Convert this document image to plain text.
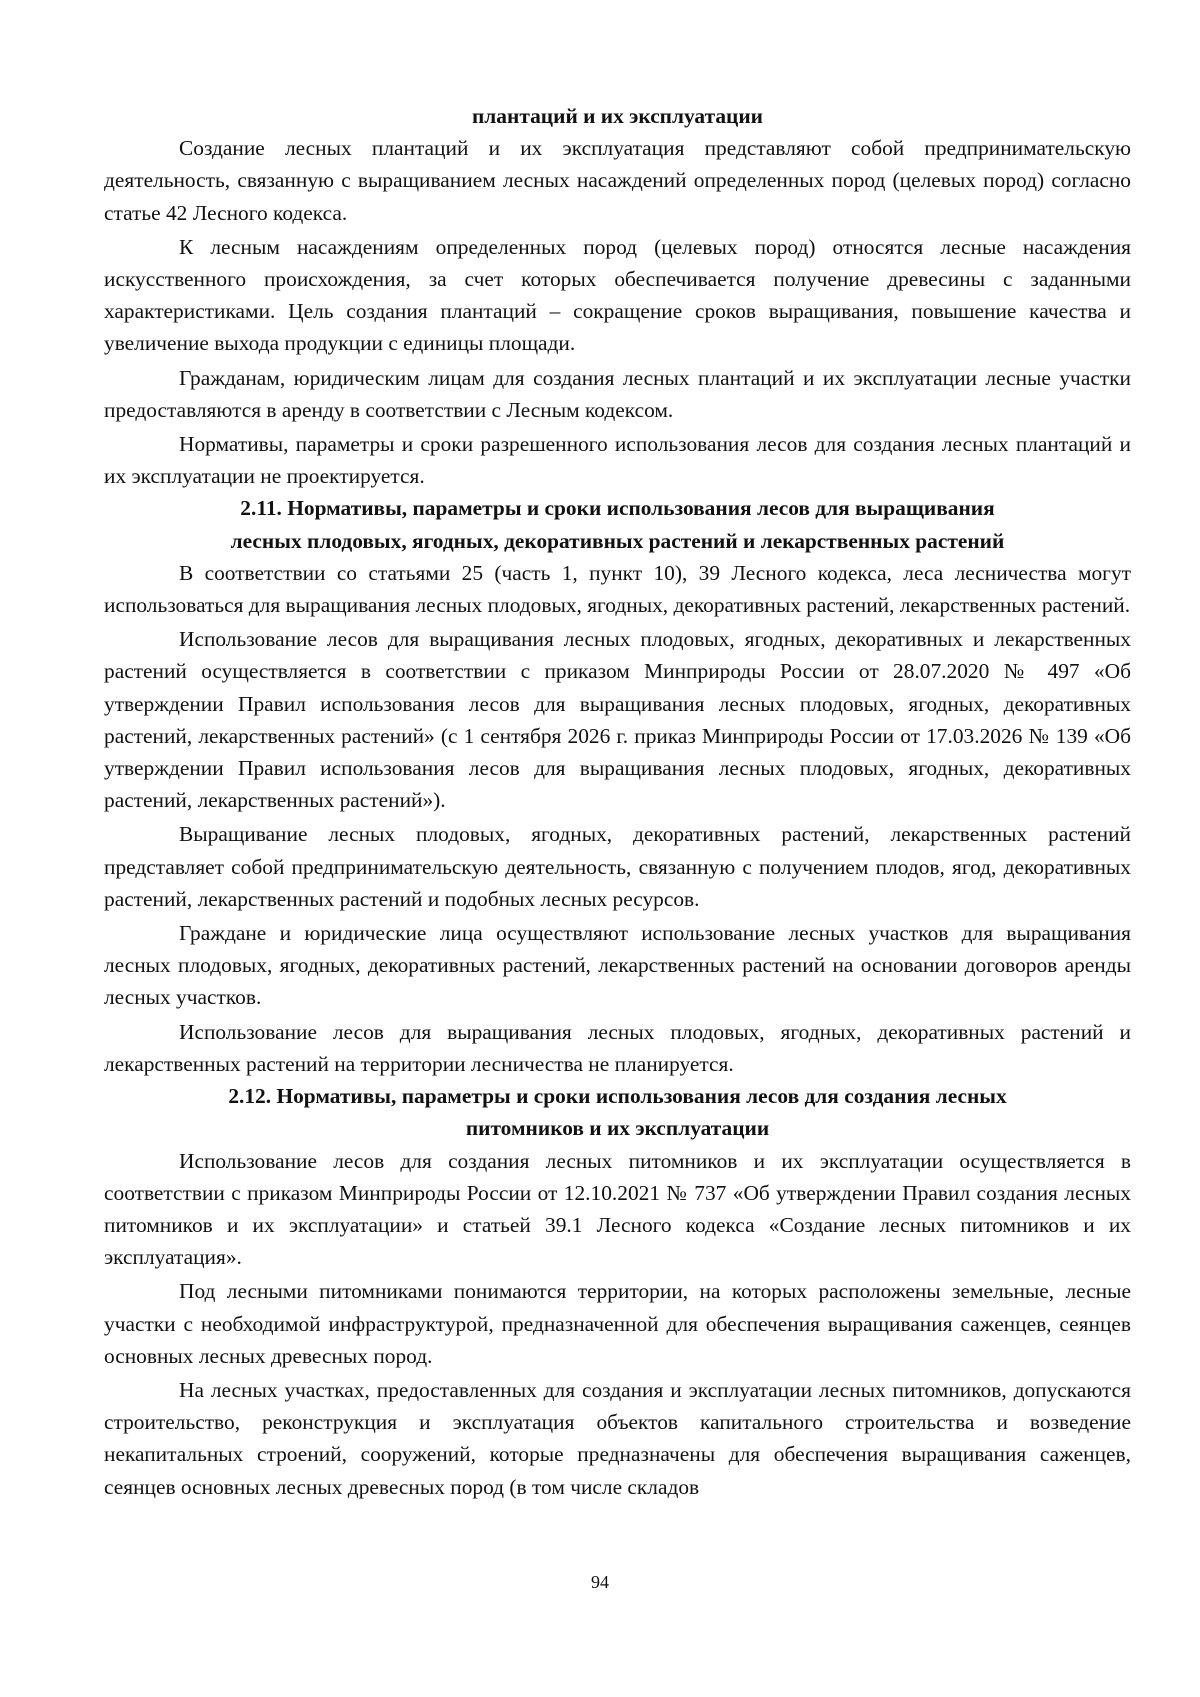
плантаций и их эксплуатации

Создание лесных плантаций и их эксплуатация представляют собой предпринимательскую деятельность, связанную с выращиванием лесных насаждений определенных пород (целевых пород) согласно статье 42 Лесного кодекса.

К лесным насаждениям определенных пород (целевых пород) относятся лесные насаждения искусственного происхождения, за счет которых обеспечивается получение древесины с заданными характеристиками. Цель создания плантаций – сокращение сроков выращивания, повышение качества и увеличение выхода продукции с единицы площади.

Гражданам, юридическим лицам для создания лесных плантаций и их эксплуатации лесные участки предоставляются в аренду в соответствии с Лесным кодексом.

Нормативы, параметры и сроки разрешенного использования лесов для создания лесных плантаций и их эксплуатации не проектируется.

2.11. Нормативы, параметры и сроки использования лесов для выращивания

лесных плодовых, ягодных, декоративных растений и лекарственных растений

В соответствии со статьями 25 (часть 1, пункт 10), 39 Лесного кодекса, леса лесничества могут использоваться для выращивания лесных плодовых, ягодных, декоративных растений, лекарственных растений.

Использование лесов для выращивания лесных плодовых, ягодных, декоративных и лекарственных растений осуществляется в соответствии с приказом Минприроды России от 28.07.2020 № 497 «Об утверждении Правил использования лесов для выращивания лесных плодовых, ягодных, декоративных растений, лекарственных растений» (с 1 сентября 2026 г. приказ Минприроды России от 17.03.2026 № 139 «Об утверждении Правил использования лесов для выращивания лесных плодовых, ягодных, декоративных растений, лекарственных растений»).

Выращивание лесных плодовых, ягодных, декоративных растений, лекарственных растений представляет собой предпринимательскую деятельность, связанную с получением плодов, ягод, декоративных растений, лекарственных растений и подобных лесных ресурсов.

Граждане и юридические лица осуществляют использование лесных участков для выращивания лесных плодовых, ягодных, декоративных растений, лекарственных растений на основании договоров аренды лесных участков.

Использование лесов для выращивания лесных плодовых, ягодных, декоративных растений и лекарственных растений на территории лесничества не планируется.

2.12. Нормативы, параметры и сроки использования лесов для создания лесных

питомников и их эксплуатации

Использование лесов для создания лесных питомников и их эксплуатации осуществляется в соответствии с приказом Минприроды России от 12.10.2021 № 737 «Об утверждении Правил создания лесных питомников и их эксплуатации» и статьей 39.1 Лесного кодекса «Создание лесных питомников и их эксплуатация».

Под лесными питомниками понимаются территории, на которых расположены земельные, лесные участки с необходимой инфраструктурой, предназначенной для обеспечения выращивания саженцев, сеянцев основных лесных древесных пород.

На лесных участках, предоставленных для создания и эксплуатации лесных питомников, допускаются строительство, реконструкция и эксплуатация объектов капитального строительства и возведение некапитальных строений, сооружений, которые предназначены для обеспечения выращивания саженцев, сеянцев основных лесных древесных пород (в том числе складов

94
